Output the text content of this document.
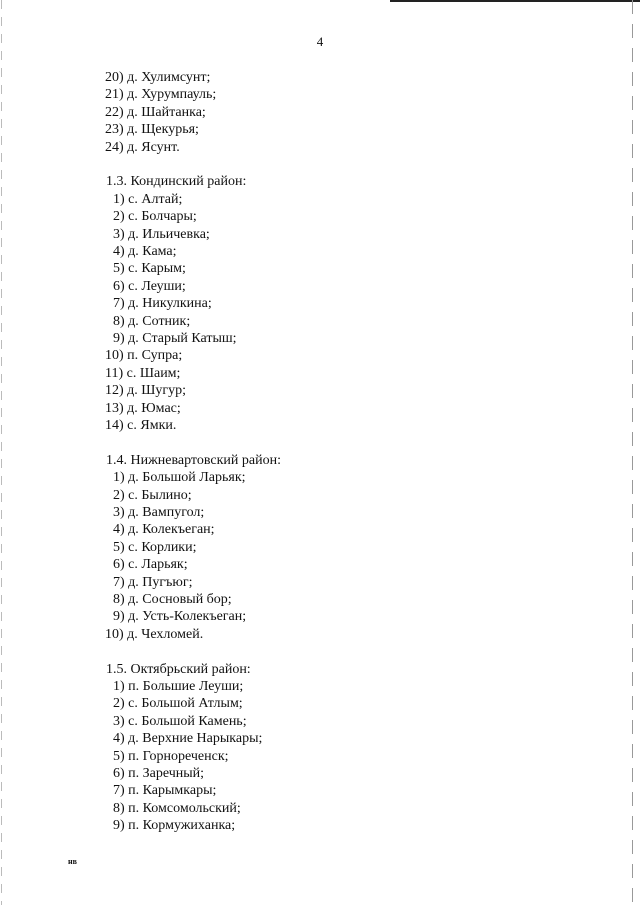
4
20) д. Хулимсунт;
21) д. Хурумпауль;
22) д. Шайтанка;
23) д. Щекурья;
24) д. Ясунт.
1.3. Кондинский район:
1) с. Алтай;
2) с. Болчары;
3) д. Ильичевка;
4) д. Кама;
5) с. Карым;
6) с. Леуши;
7) д. Никулкина;
8) д. Сотник;
9) д. Старый Катыш;
10) п. Супра;
11) с. Шаим;
12) д. Шугур;
13) д. Юмас;
14) с. Ямки.
1.4. Нижневартовский район:
1) д. Большой Ларьяк;
2) с. Былино;
3) д. Вампугол;
4) д. Колекъеган;
5) с. Корлики;
6) с. Ларьяк;
7) д. Пугъюг;
8) д. Сосновый бор;
9) д. Усть-Колекъеган;
10) д. Чехломей.
1.5. Октябрьский район:
1) п. Большие Леуши;
2) с. Большой Атлым;
3) с. Большой Камень;
4) д. Верхние Нарыкары;
5) п. Горнореченск;
6) п. Заречный;
7) п. Карымкары;
8) п. Комсомольский;
9) п. Кормужиханка;
нв
